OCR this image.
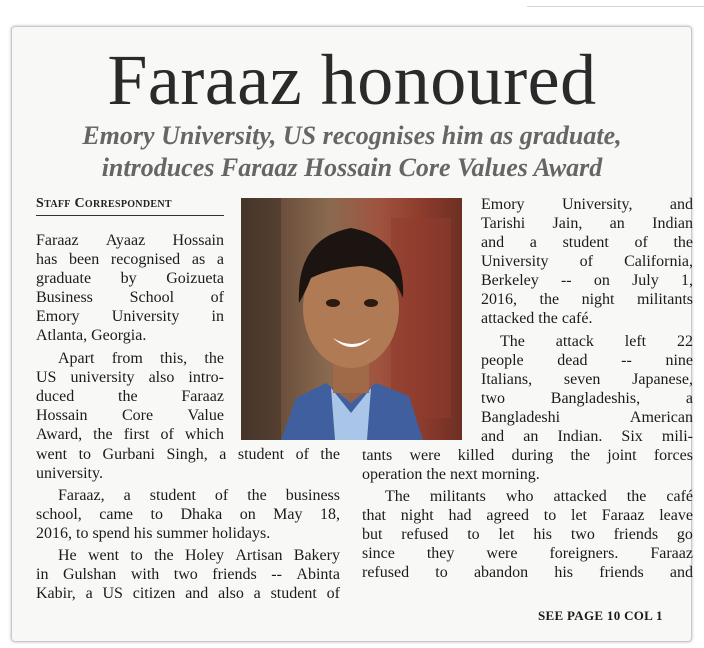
Faraaz honoured
Emory University, US recognises him as graduate,
introduces Faraaz Hossain Core Values Award
Staff Correspondent
Faraaz Ayaaz Hossain
has been recognised as a
graduate by Goizueta
Business School of
Emory University in
Atlanta, Georgia.
Apart from this, the
US university also intro-
duced	the	Faraaz
Hossain Core Value
Award, the first of which
went to Gurbani Singh, a student of the
university.
Faraaz, a student of the business
school, came to Dhaka on May 18,
2016, to spend his summer holidays.
He went to the Holey Artisan Bakery
in Gulshan with two friends -- Abinta
Kabir, a US citizen and also a student of
Emory University, and
Tarishi Jain, an Indian
and a student of the
University of California,
Berkeley -- on July 1,
2016, the night militants
attacked the café.
The attack left 22
people dead -- nine
Italians, seven Japanese,
two	Bangladeshis,	a
Bangladeshi	American
and an Indian. Six mili-
tants were killed during the joint forces
operation the next morning.
The militants who attacked the café
that night had agreed to let Faraaz leave
but refused to let his two friends go
since they were foreigners. Faraaz
refused to abandon his friends and
SEE PAGE 10 COL 1
